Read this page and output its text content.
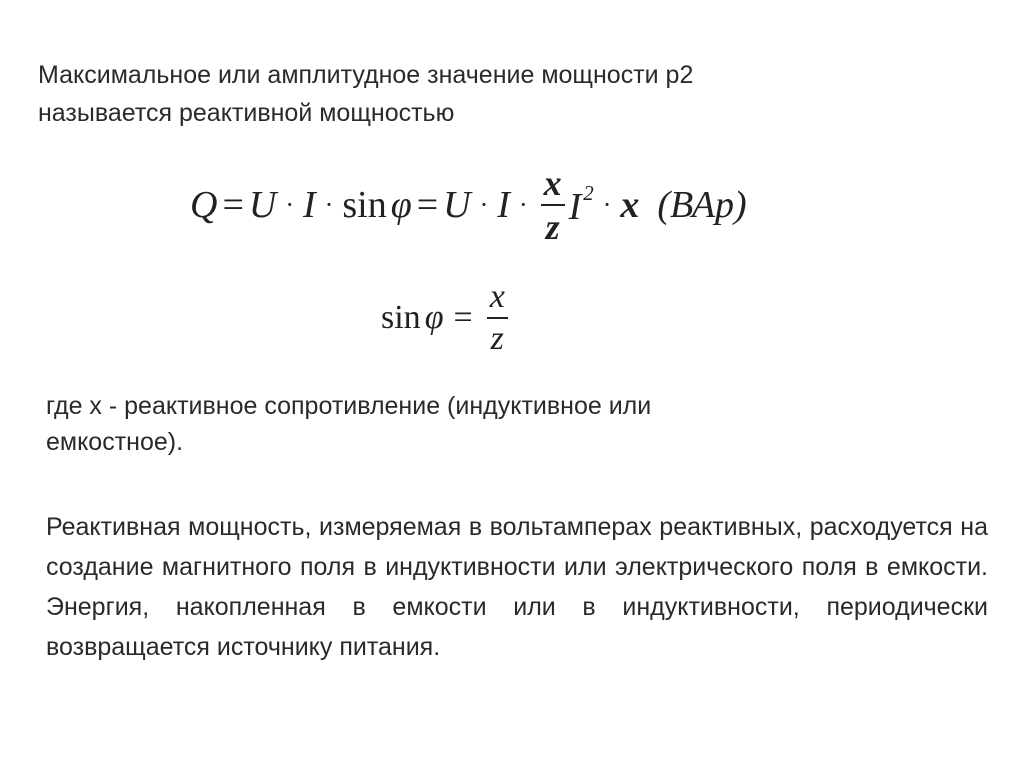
Максимальное или амплитудное значение мощности р2
называется реактивной мощностью

$Q = U \cdot I \cdot \sin \varphi = U \cdot I \cdot \frac{x}{z} I^2 \cdot x$ (ВАр)
$\sin \varphi = \frac{x}{z}$

где х - реактивное сопротивление (индуктивное или
емкостное).

Реактивная мощность, измеряемая в вольтамперах реактивных, расходуется на создание магнитного поля в индуктивности или электрического поля в емкости. Энергия, накопленная в емкости или в индуктивности, периодически возвращается источнику питания.
